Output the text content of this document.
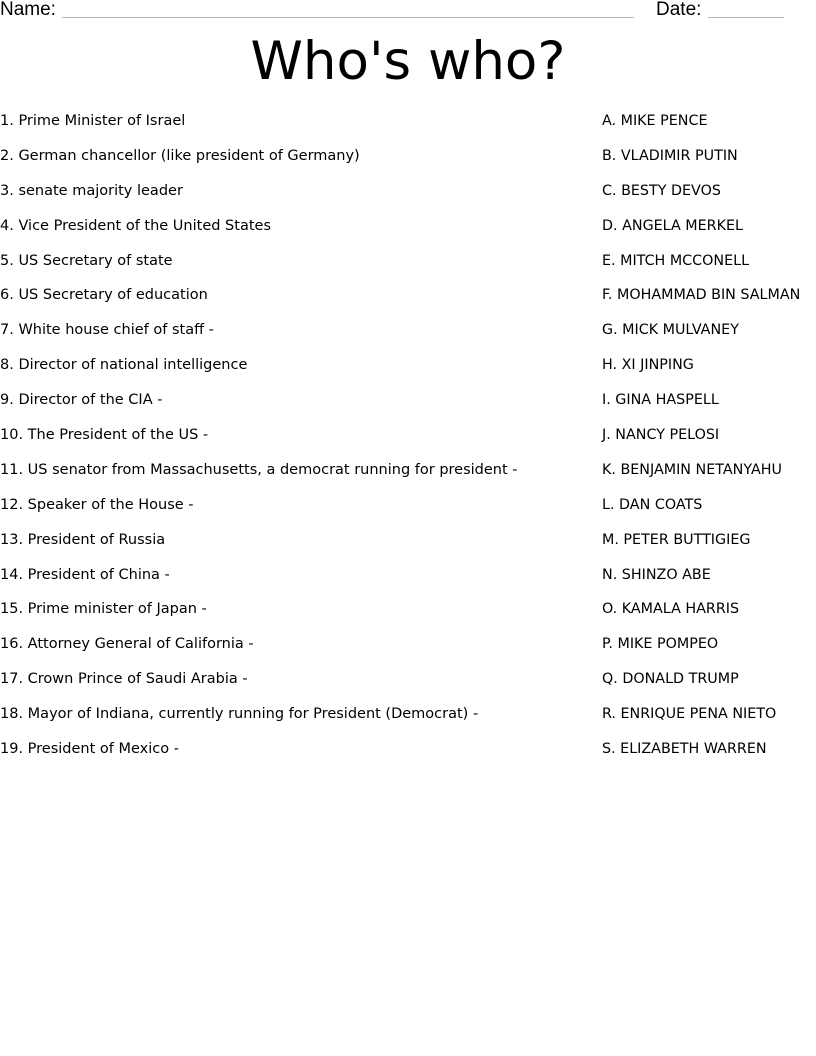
Name:	Date:
Who's who?
1. Prime Minister of Israel
2. German chancellor (like president of Germany)
3. senate majority leader
4. Vice President of the United States
5. US Secretary of state
6. US Secretary of education
7. White house chief of staff -
8. Director of national intelligence
9. Director of the CIA -
10. The President of the US -
11. US senator from Massachusetts, a democrat running for president -
12. Speaker of the House -
13. President of Russia
14. President of China -
15. Prime minister of Japan -
16. Attorney General of California -
17. Crown Prince of Saudi Arabia -
18. Mayor of Indiana, currently running for President (Democrat) -
19. President of Mexico -
A. MIKE PENCE
B. VLADIMIR PUTIN
C. BESTY DEVOS
D. ANGELA MERKEL
E. MITCH MCCONELL
F. MOHAMMAD BIN SALMAN
G. MICK MULVANEY
H. XI JINPING
I. GINA HASPELL
J. NANCY PELOSI
K. BENJAMIN NETANYAHU
L. DAN COATS
M. PETER BUTTIGIEG
N. SHINZO ABE
O. KAMALA HARRIS
P. MIKE POMPEO
Q. DONALD TRUMP
R. ENRIQUE PENA NIETO
S. ELIZABETH WARREN
